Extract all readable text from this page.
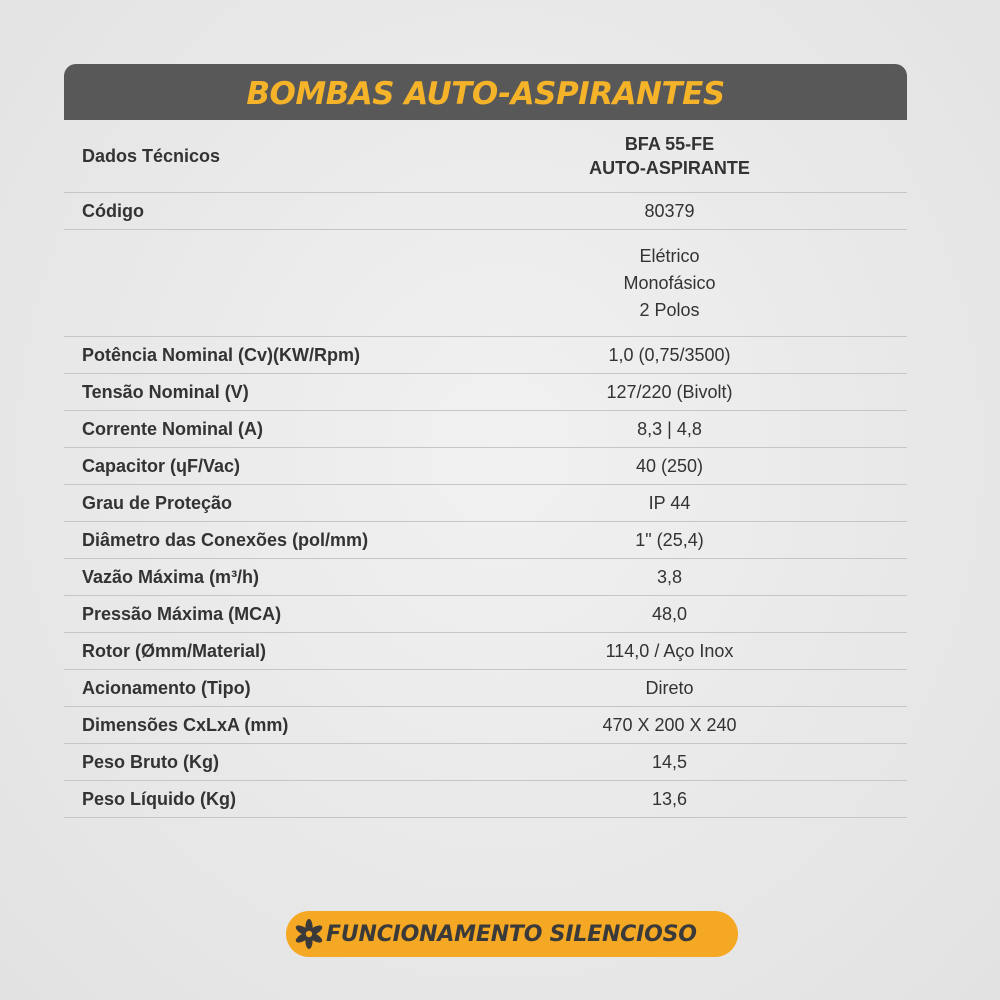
BOMBAS AUTO-ASPIRANTES
Dados Técnicos	BFA 55-FE
AUTO-ASPIRANTE

Código	80379

	Elétrico
Monofásico
2 Polos

Potência Nominal (Cv)(KW/Rpm)	1,0 (0,75/3500)
Tensão Nominal (V)	127/220 (Bivolt)
Corrente Nominal (A)	8,3 | 4,8
Capacitor (ɥF/Vac)	40 (250)
Grau de Proteção	IP 44
Diâmetro das Conexões (pol/mm)	1" (25,4)
Vazão Máxima (m³/h)	3,8
Pressão Máxima (MCA)	48,0
Rotor (Ømm/Material)	114,0 / Aço Inox
Acionamento (Tipo)	Direto
Dimensões CxLxA (mm)	470 X 200 X 240
Peso Bruto (Kg)	14,5
Peso Líquido (Kg)	13,6
FUNCIONAMENTO SILENCIOSO
